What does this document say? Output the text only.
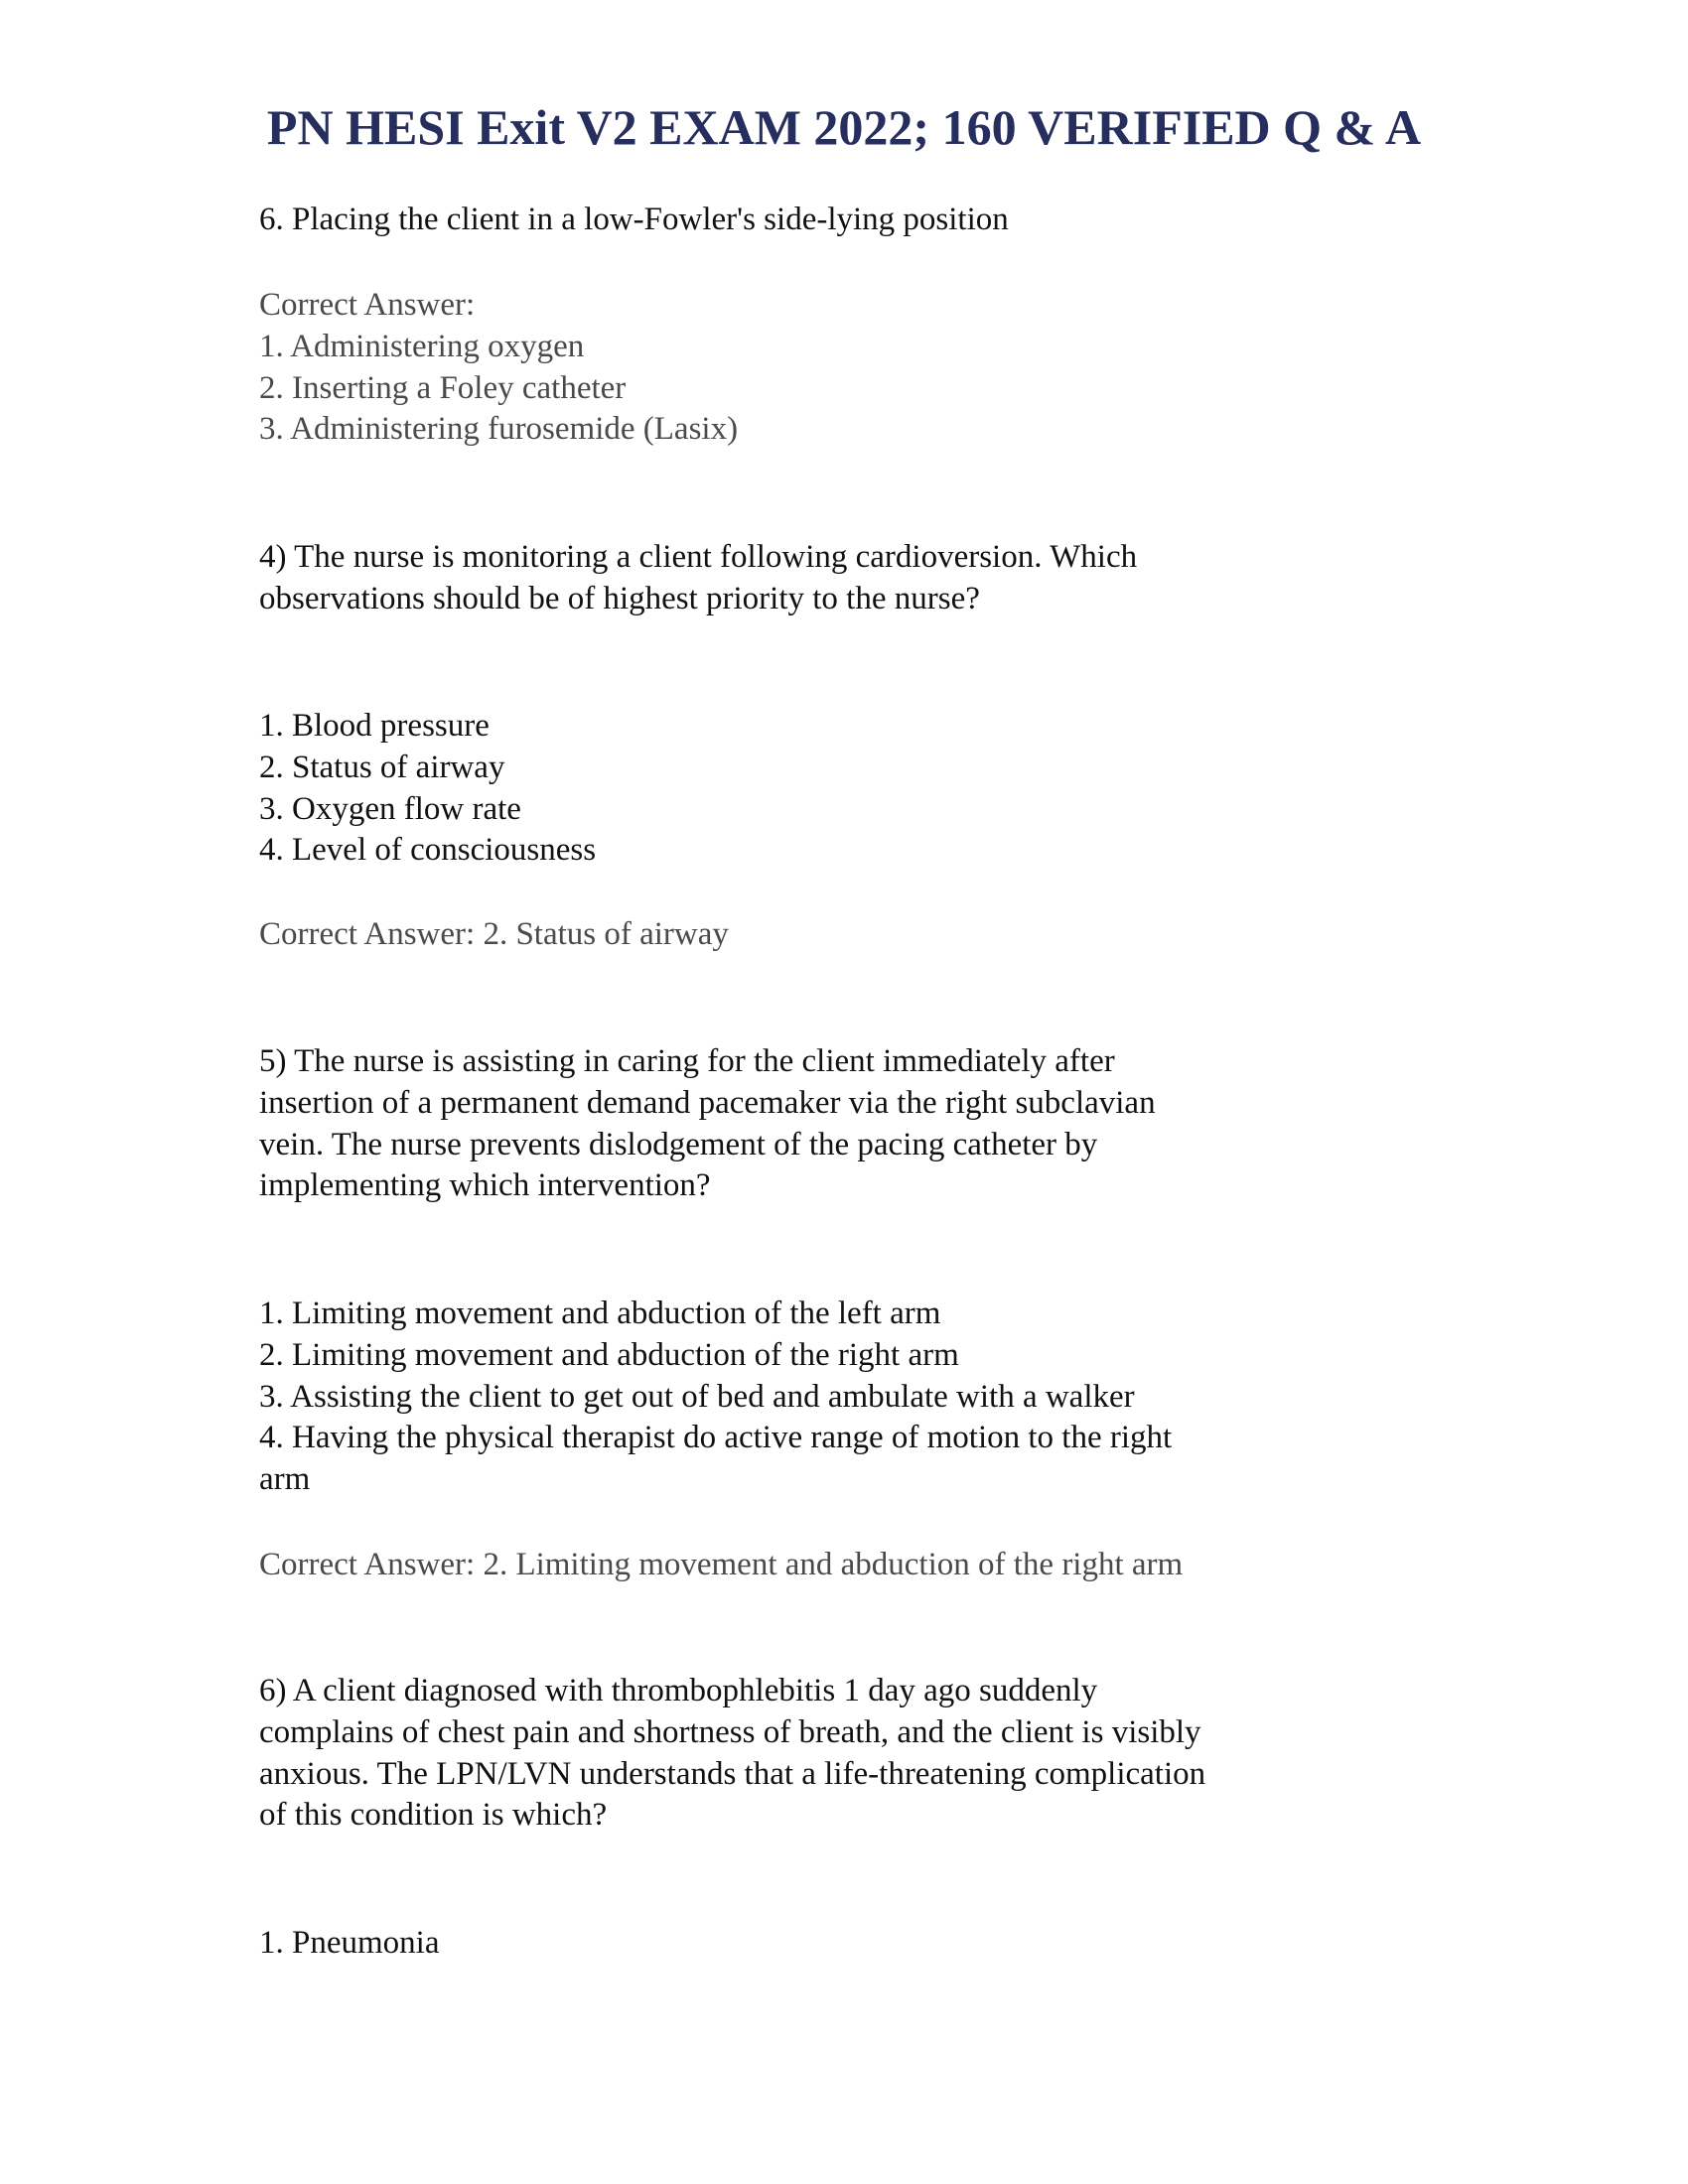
PN HESI Exit V2 EXAM 2022; 160 VERIFIED Q & A
6. Placing the client in a low-Fowler's side-lying position
Correct Answer:
1. Administering oxygen
2. Inserting a Foley catheter
3. Administering furosemide (Lasix)
4) The nurse is monitoring a client following cardioversion. Which
observations should be of highest priority to the nurse?
1. Blood pressure
2. Status of airway
3. Oxygen flow rate
4. Level of consciousness
Correct Answer: 2. Status of airway
5) The nurse is assisting in caring for the client immediately after
insertion of a permanent demand pacemaker via the right subclavian
vein. The nurse prevents dislodgement of the pacing catheter by
implementing which intervention?
1. Limiting movement and abduction of the left arm
2. Limiting movement and abduction of the right arm
3. Assisting the client to get out of bed and ambulate with a walker
4. Having the physical therapist do active range of motion to the right
arm
Correct Answer: 2. Limiting movement and abduction of the right arm
6) A client diagnosed with thrombophlebitis 1 day ago suddenly
complains of chest pain and shortness of breath, and the client is visibly
anxious. The LPN/LVN understands that a life-threatening complication
of this condition is which?
1. Pneumonia
